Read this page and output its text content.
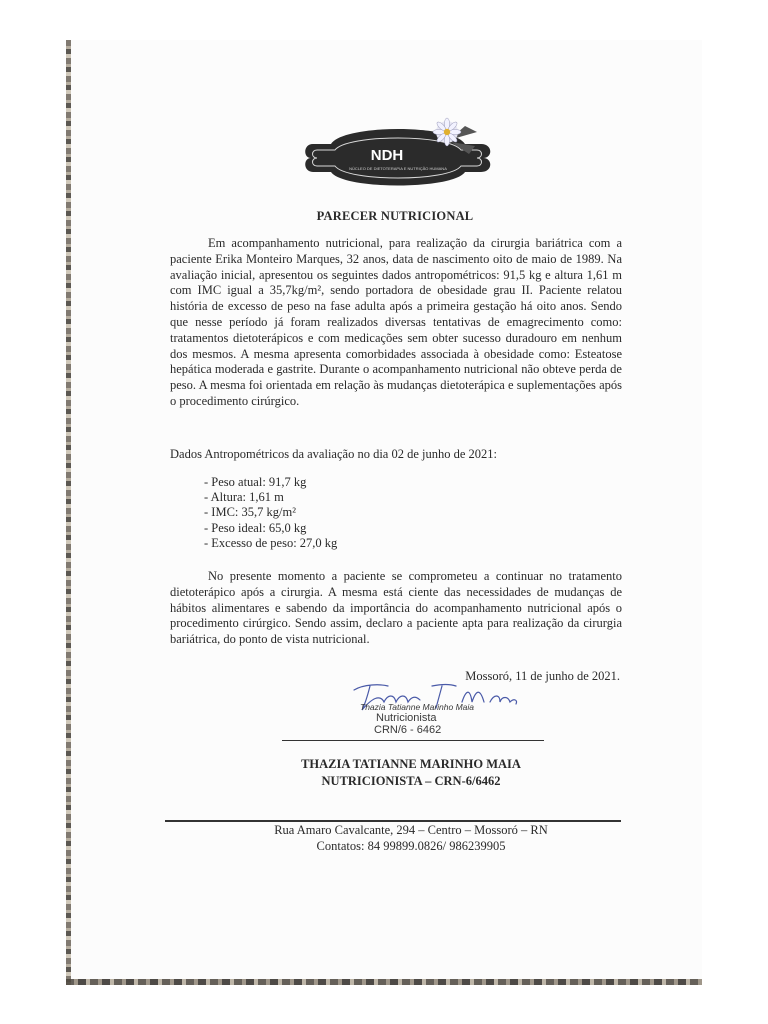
NDH
NÚCLEO DE DIETOTERAPIA E NUTRIÇÃO HUMANA
PARECER NUTRICIONAL

Em acompanhamento nutricional, para realização da cirurgia bariátrica com a paciente Erika Monteiro Marques, 32 anos, data de nascimento oito de maio de 1989. Na avaliação inicial, apresentou os seguintes dados antropométricos: 91,5 kg e altura 1,61 m com IMC igual a 35,7kg/m², sendo portadora de obesidade grau II. Paciente relatou história de excesso de peso na fase adulta após a primeira gestação há oito anos. Sendo que nesse período já foram realizados diversas tentativas de emagrecimento como: tratamentos dietoterápicos e com medicações sem obter sucesso duradouro em nenhum dos mesmos. A mesma apresenta comorbidades associada à obesidade como: Esteatose hepática moderada e gastrite. Durante o acompanhamento nutricional não obteve perda de peso. A mesma foi orientada em relação às mudanças dietoterápica e suplementações após o procedimento cirúrgico.

Dados Antropométricos da avaliação no dia 02 de junho de 2021:

- Peso atual: 91,7 kg
- Altura: 1,61 m
- IMC: 35,7 kg/m²
- Peso ideal: 65,0 kg
- Excesso de peso: 27,0 kg

No presente momento a paciente se comprometeu a continuar no tratamento dietoterápico após a cirurgia. A mesma está ciente das necessidades de mudanças de hábitos alimentares e sabendo da importância do acompanhamento nutricional após o procedimento cirúrgico. Sendo assim, declaro a paciente apta para realização da cirurgia bariátrica, do ponto de vista nutricional.

Mossoró, 11 de junho de 2021.
Thazia Tatianne Marinho Maia
Nutricionista
CRN/6 - 6462
THAZIA TATIANNE MARINHO MAIA
NUTRICIONISTA – CRN-6/6462
Rua Amaro Cavalcante, 294 – Centro – Mossoró – RN
Contatos: 84 99899.0826/ 986239905
